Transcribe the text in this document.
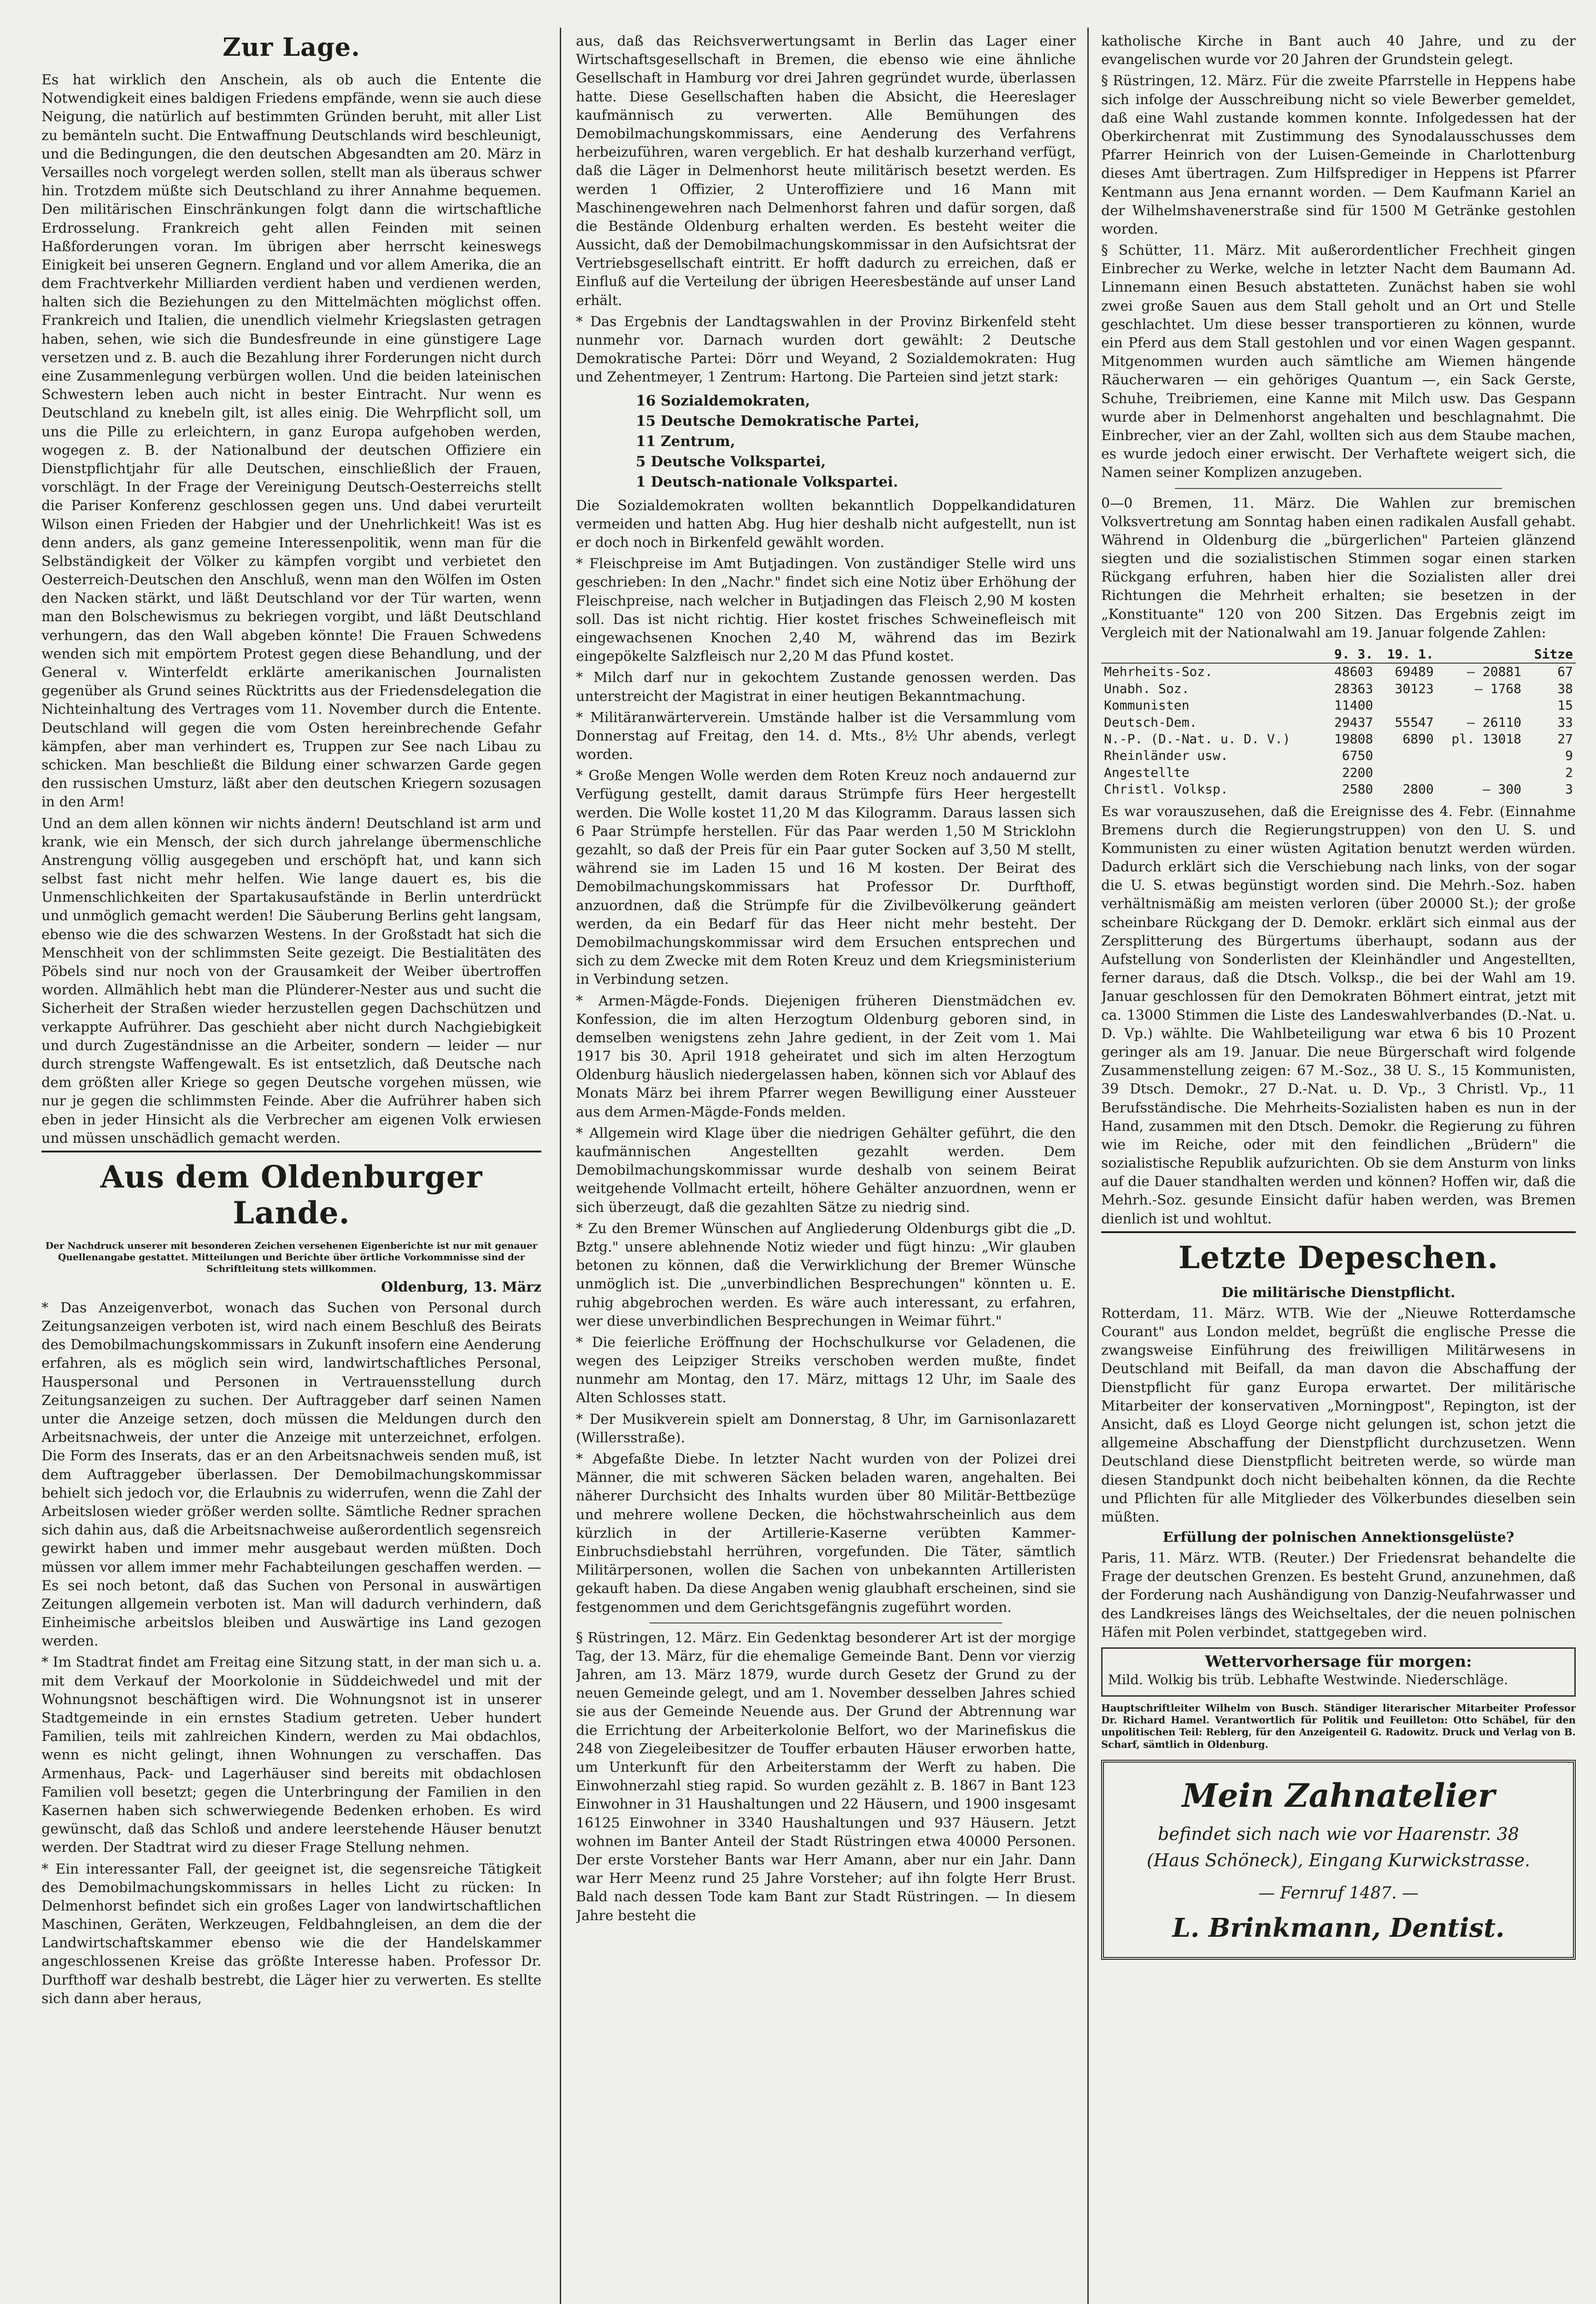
Zur Lage.

Es hat wirklich den Anschein, als ob auch die Entente die Notwendigkeit eines baldigen Friedens empfände, wenn sie auch diese Neigung, die natürlich auf bestimmten Gründen beruht, mit aller List zu bemänteln sucht. Die Entwaffnung Deutschlands wird beschleunigt, und die Bedingungen, die den deutschen Abgesandten am 20. März in Versailles noch vorgelegt werden sollen, stellt man als überaus schwer hin. Trotzdem müßte sich Deutschland zu ihrer Annahme bequemen. Den militärischen Einschränkungen folgt dann die wirtschaftliche Erdrosselung. Frankreich geht allen Feinden mit seinen Haßforderungen voran. Im übrigen aber herrscht keineswegs Einigkeit bei unseren Gegnern. England und vor allem Amerika, die an dem Frachtverkehr Milliarden verdient haben und verdienen werden, halten sich die Beziehungen zu den Mittelmächten möglichst offen. Frankreich und Italien, die unendlich vielmehr Kriegslasten getragen haben, sehen, wie sich die Bundesfreunde in eine günstigere Lage versetzen und z. B. auch die Bezahlung ihrer Forderungen nicht durch eine Zusammenlegung verbürgen wollen. Und die beiden lateinischen Schwestern leben auch nicht in bester Eintracht. Nur wenn es Deutschland zu knebeln gilt, ist alles einig. Die Wehrpflicht soll, um uns die Pille zu erleichtern, in ganz Europa aufgehoben werden, wogegen z. B. der Nationalbund der deutschen Offiziere ein Dienstpflichtjahr für alle Deutschen, einschließlich der Frauen, vorschlägt. In der Frage der Vereinigung Deutsch-Oesterreichs stellt die Pariser Konferenz geschlossen gegen uns. Und dabei verurteilt Wilson einen Frieden der Habgier und der Unehrlichkeit! Was ist es denn anders, als ganz gemeine Interessenpolitik, wenn man für die Selbständigkeit der Völker zu kämpfen vorgibt und verbietet den Oesterreich-Deutschen den Anschluß, wenn man den Wölfen im Osten den Nacken stärkt, und läßt Deutschland vor der Tür warten, wenn man den Bolschewismus zu bekriegen vorgibt, und läßt Deutschland verhungern, das den Wall abgeben könnte! Die Frauen Schwedens wenden sich mit empörtem Protest gegen diese Behandlung, und der General v. Winterfeldt erklärte amerikanischen Journalisten gegenüber als Grund seines Rücktritts aus der Friedensdelegation die Nichteinhaltung des Vertrages vom 11. November durch die Entente. Deutschland will gegen die vom Osten hereinbrechende Gefahr kämpfen, aber man verhindert es, Truppen zur See nach Libau zu schicken. Man beschließt die Bildung einer schwarzen Garde gegen den russischen Umsturz, läßt aber den deutschen Kriegern sozusagen in den Arm!

Und an dem allen können wir nichts ändern! Deutschland ist arm und krank, wie ein Mensch, der sich durch jahrelange übermenschliche Anstrengung völlig ausgegeben und erschöpft hat, und kann sich selbst fast nicht mehr helfen. Wie lange dauert es, bis die Unmenschlichkeiten der Spartakusaufstände in Berlin unterdrückt und unmöglich gemacht werden! Die Säuberung Berlins geht langsam, ebenso wie die des schwarzen Westens. In der Großstadt hat sich die Menschheit von der schlimmsten Seite gezeigt. Die Bestialitäten des Pöbels sind nur noch von der Grausamkeit der Weiber übertroffen worden. Allmählich hebt man die Plünderer-Nester aus und sucht die Sicherheit der Straßen wieder herzustellen gegen Dachschützen und verkappte Aufrührer. Das geschieht aber nicht durch Nachgiebigkeit und durch Zugeständnisse an die Arbeiter, sondern — leider — nur durch strengste Waffengewalt. Es ist entsetzlich, daß Deutsche nach dem größten aller Kriege so gegen Deutsche vorgehen müssen, wie nur je gegen die schlimmsten Feinde. Aber die Aufrührer haben sich eben in jeder Hinsicht als die Verbrecher am eigenen Volk erwiesen und müssen unschädlich gemacht werden.

Aus dem Oldenburger Lande.
Der Nachdruck unserer mit besonderen Zeichen versehenen Eigenberichte ist nur mit genauer Quellenangabe gestattet. Mitteilungen und Berichte über örtliche Vorkommnisse sind der Schriftleitung stets willkommen.
Oldenburg, 13. März

* Das Anzeigenverbot, wonach das Suchen von Personal durch Zeitungsanzeigen verboten ist, wird nach einem Beschluß des Beirats des Demobilmachungskommissars in Zukunft insofern eine Aenderung erfahren, als es möglich sein wird, landwirtschaftliches Personal, Hauspersonal und Personen in Vertrauensstellung durch Zeitungsanzeigen zu suchen. Der Auftraggeber darf seinen Namen unter die Anzeige setzen, doch müssen die Meldungen durch den Arbeitsnachweis, der unter die Anzeige mit unterzeichnet, erfolgen. Die Form des Inserats, das er an den Arbeitsnachweis senden muß, ist dem Auftraggeber überlassen. Der Demobilmachungskommissar behielt sich jedoch vor, die Erlaubnis zu widerrufen, wenn die Zahl der Arbeitslosen wieder größer werden sollte. Sämtliche Redner sprachen sich dahin aus, daß die Arbeitsnachweise außerordentlich segensreich gewirkt haben und immer mehr ausgebaut werden müßten. Doch müssen vor allem immer mehr Fachabteilungen geschaffen werden. — Es sei noch betont, daß das Suchen von Personal in auswärtigen Zeitungen allgemein verboten ist. Man will dadurch verhindern, daß Einheimische arbeitslos bleiben und Auswärtige ins Land gezogen werden.

* Im Stadtrat findet am Freitag eine Sitzung statt, in der man sich u. a. mit dem Verkauf der Moorkolonie in Süddeichwedel und mit der Wohnungsnot beschäftigen wird. Die Wohnungsnot ist in unserer Stadtgemeinde in ein ernstes Stadium getreten. Ueber hundert Familien, teils mit zahlreichen Kindern, werden zu Mai obdachlos, wenn es nicht gelingt, ihnen Wohnungen zu verschaffen. Das Armenhaus, Pack- und Lagerhäuser sind bereits mit obdachlosen Familien voll besetzt; gegen die Unterbringung der Familien in den Kasernen haben sich schwerwiegende Bedenken erhoben. Es wird gewünscht, daß das Schloß und andere leerstehende Häuser benutzt werden. Der Stadtrat wird zu dieser Frage Stellung nehmen.

* Ein interessanter Fall, der geeignet ist, die segensreiche Tätigkeit des Demobilmachungskommissars in helles Licht zu rücken: In Delmenhorst befindet sich ein großes Lager von landwirtschaftlichen Maschinen, Geräten, Werkzeugen, Feldbahngleisen, an dem die der Landwirtschaftskammer ebenso wie die der Handelskammer angeschlossenen Kreise das größte Interesse haben. Professor Dr. Durfthoff war deshalb bestrebt, die Läger hier zu verwerten. Es stellte sich dann aber heraus,

aus, daß das Reichsverwertungsamt in Berlin das Lager einer Wirtschaftsgesellschaft in Bremen, die ebenso wie eine ähnliche Gesellschaft in Hamburg vor drei Jahren gegründet wurde, überlassen hatte. Diese Gesellschaften haben die Absicht, die Heereslager kaufmännisch zu verwerten. Alle Bemühungen des Demobilmachungskommissars, eine Aenderung des Verfahrens herbeizuführen, waren vergeblich. Er hat deshalb kurzerhand verfügt, daß die Läger in Delmenhorst heute militärisch besetzt werden. Es werden 1 Offizier, 2 Unteroffiziere und 16 Mann mit Maschinengewehren nach Delmenhorst fahren und dafür sorgen, daß die Bestände Oldenburg erhalten werden. Es besteht weiter die Aussicht, daß der Demobilmachungskommissar in den Aufsichtsrat der Vertriebsgesellschaft eintritt. Er hofft dadurch zu erreichen, daß er Einfluß auf die Verteilung der übrigen Heeresbestände auf unser Land erhält.

* Das Ergebnis der Landtagswahlen in der Provinz Birkenfeld steht nunmehr vor. Darnach wurden dort gewählt: 2 Deutsche Demokratische Partei: Dörr und Weyand, 2 Sozialdemokraten: Hug und Zehentmeyer, 1 Zentrum: Hartong. Die Parteien sind jetzt stark:

16 Sozialdemokraten,
15 Deutsche Demokratische Partei,
11 Zentrum,
5 Deutsche Volkspartei,
1 Deutsch-nationale Volkspartei.

Die Sozialdemokraten wollten bekanntlich Doppelkandidaturen vermeiden und hatten Abg. Hug hier deshalb nicht aufgestellt, nun ist er doch noch in Birkenfeld gewählt worden.

* Fleischpreise im Amt Butjadingen. Von zuständiger Stelle wird uns geschrieben: In den „Nachr." findet sich eine Notiz über Erhöhung der Fleischpreise, nach welcher in Butjadingen das Fleisch 2,90 M kosten soll. Das ist nicht richtig. Hier kostet frisches Schweinefleisch mit eingewachsenen Knochen 2,40 M, während das im Bezirk eingepökelte Salzfleisch nur 2,20 M das Pfund kostet.

* Milch darf nur in gekochtem Zustande genossen werden. Das unterstreicht der Magistrat in einer heutigen Bekanntmachung.

* Militäranwärterverein. Umstände halber ist die Versammlung vom Donnerstag auf Freitag, den 14. d. Mts., 8½ Uhr abends, verlegt worden.

* Große Mengen Wolle werden dem Roten Kreuz noch andauernd zur Verfügung gestellt, damit daraus Strümpfe fürs Heer hergestellt werden. Die Wolle kostet 11,20 M das Kilogramm. Daraus lassen sich 6 Paar Strümpfe herstellen. Für das Paar werden 1,50 M Stricklohn gezahlt, so daß der Preis für ein Paar guter Socken auf 3,50 M stellt, während sie im Laden 15 und 16 M kosten. Der Beirat des Demobilmachungskommissars hat Professor Dr. Durfthoff, anzuordnen, daß die Strümpfe für die Zivilbevölkerung geändert werden, da ein Bedarf für das Heer nicht mehr besteht. Der Demobilmachungskommissar wird dem Ersuchen entsprechen und sich zu dem Zwecke mit dem Roten Kreuz und dem Kriegsministerium in Verbindung setzen.

* Armen-Mägde-Fonds. Diejenigen früheren Dienstmädchen ev. Konfession, die im alten Herzogtum Oldenburg geboren sind, in demselben wenigstens zehn Jahre gedient, in der Zeit vom 1. Mai 1917 bis 30. April 1918 geheiratet und sich im alten Herzogtum Oldenburg häuslich niedergelassen haben, können sich vor Ablauf des Monats März bei ihrem Pfarrer wegen Bewilligung einer Aussteuer aus dem Armen-Mägde-Fonds melden.

* Allgemein wird Klage über die niedrigen Gehälter geführt, die den kaufmännischen Angestellten gezahlt werden. Dem Demobilmachungskommissar wurde deshalb von seinem Beirat weitgehende Vollmacht erteilt, höhere Gehälter anzuordnen, wenn er sich überzeugt, daß die gezahlten Sätze zu niedrig sind.

* Zu den Bremer Wünschen auf Angliederung Oldenburgs gibt die „D. Bztg." unsere ablehnende Notiz wieder und fügt hinzu: „Wir glauben betonen zu können, daß die Verwirklichung der Bremer Wünsche unmöglich ist. Die „unverbindlichen Besprechungen" könnten u. E. ruhig abgebrochen werden. Es wäre auch interessant, zu erfahren, wer diese unverbindlichen Besprechungen in Weimar führt."

* Die feierliche Eröffnung der Hochschulkurse vor Geladenen, die wegen des Leipziger Streiks verschoben werden mußte, findet nunmehr am Montag, den 17. März, mittags 12 Uhr, im Saale des Alten Schlosses statt.

* Der Musikverein spielt am Donnerstag, 8 Uhr, im Garnisonlazarett (Willersstraße).

* Abgefaßte Diebe. In letzter Nacht wurden von der Polizei drei Männer, die mit schweren Säcken beladen waren, angehalten. Bei näherer Durchsicht des Inhalts wurden über 80 Militär-Bettbezüge und mehrere wollene Decken, die höchstwahrscheinlich aus dem kürzlich in der Artillerie-Kaserne verübten Kammer-Einbruchsdiebstahl herrühren, vorgefunden. Die Täter, sämtlich Militärpersonen, wollen die Sachen von unbekannten Artilleristen gekauft haben. Da diese Angaben wenig glaubhaft erscheinen, sind sie festgenommen und dem Gerichtsgefängnis zugeführt worden.

§ Rüstringen, 12. März. Ein Gedenktag besonderer Art ist der morgige Tag, der 13. März, für die ehemalige Gemeinde Bant. Denn vor vierzig Jahren, am 13. März 1879, wurde durch Gesetz der Grund zu der neuen Gemeinde gelegt, und am 1. November desselben Jahres schied sie aus der Gemeinde Neuende aus. Der Grund der Abtrennung war die Errichtung der Arbeiterkolonie Belfort, wo der Marinefiskus die 248 von Ziegeleibesitzer de Touffer erbauten Häuser erworben hatte, um Unterkunft für den Arbeiterstamm der Werft zu haben. Die Einwohnerzahl stieg rapid. So wurden gezählt z. B. 1867 in Bant 123 Einwohner in 31 Haushaltungen und 22 Häusern, und 1900 insgesamt 16125 Einwohner in 3340 Haushaltungen und 937 Häusern. Jetzt wohnen im Banter Anteil der Stadt Rüstringen etwa 40000 Personen. Der erste Vorsteher Bants war Herr Amann, aber nur ein Jahr. Dann war Herr Meenz rund 25 Jahre Vorsteher; auf ihn folgte Herr Brust. Bald nach dessen Tode kam Bant zur Stadt Rüstringen. — In diesem Jahre besteht die

katholische Kirche in Bant auch 40 Jahre, und zu der evangelischen wurde vor 20 Jahren der Grundstein gelegt.

§ Rüstringen, 12. März. Für die zweite Pfarrstelle in Heppens habe sich infolge der Ausschreibung nicht so viele Bewerber gemeldet, daß eine Wahl zustande kommen konnte. Infolgedessen hat der Oberkirchenrat mit Zustimmung des Synodalausschusses dem Pfarrer Heinrich von der Luisen-Gemeinde in Charlottenburg dieses Amt übertragen. Zum Hilfsprediger in Heppens ist Pfarrer Kentmann aus Jena ernannt worden. — Dem Kaufmann Kariel an der Wilhelmshavenerstraße sind für 1500 M Getränke gestohlen worden.

§ Schütter, 11. März. Mit außerordentlicher Frechheit gingen Einbrecher zu Werke, welche in letzter Nacht dem Baumann Ad. Linnemann einen Besuch abstatteten. Zunächst haben sie wohl zwei große Sauen aus dem Stall geholt und an Ort und Stelle geschlachtet. Um diese besser transportieren zu können, wurde ein Pferd aus dem Stall gestohlen und vor einen Wagen gespannt. Mitgenommen wurden auch sämtliche am Wiemen hängende Räucherwaren — ein gehöriges Quantum —, ein Sack Gerste, Schuhe, Treibriemen, eine Kanne mit Milch usw. Das Gespann wurde aber in Delmenhorst angehalten und beschlagnahmt. Die Einbrecher, vier an der Zahl, wollten sich aus dem Staube machen, es wurde jedoch einer erwischt. Der Verhaftete weigert sich, die Namen seiner Komplizen anzugeben.

0—0 Bremen, 11. März. Die Wahlen zur bremischen Volksvertretung am Sonntag haben einen radikalen Ausfall gehabt. Während in Oldenburg die „bürgerlichen" Parteien glänzend siegten und die sozialistischen Stimmen sogar einen starken Rückgang erfuhren, haben hier die Sozialisten aller drei Richtungen die Mehrheit erhalten; sie besetzen in der „Konstituante" 120 von 200 Sitzen. Das Ergebnis zeigt im Vergleich mit der Nationalwahl am 19. Januar folgende Zahlen:

	9. 3.	19. 1.		Sitze
Mehrheits-Soz.	48603	69489	— 20881	67
Unabh. Soz.	28363	30123	— 1768	38
Kommunisten	11400			15
Deutsch-Dem.	29437	55547	— 26110	33
N.-P. (D.-Nat. u. D. V.)	19808	6890	pl. 13018	27
Rheinländer usw.	6750			9
Angestellte	2200			2
Christl. Volksp.	2580	2800	— 300	3

Es war vorauszusehen, daß die Ereignisse des 4. Febr. (Einnahme Bremens durch die Regierungstruppen) von den U. S. und Kommunisten zu einer wüsten Agitation benutzt werden würden. Dadurch erklärt sich die Verschiebung nach links, von der sogar die U. S. etwas begünstigt worden sind. Die Mehrh.-Soz. haben verhältnismäßig am meisten verloren (über 20000 St.); der große scheinbare Rückgang der D. Demokr. erklärt sich einmal aus der Zersplitterung des Bürgertums überhaupt, sodann aus der Aufstellung von Sonderlisten der Kleinhändler und Angestellten, ferner daraus, daß die Dtsch. Volksp., die bei der Wahl am 19. Januar geschlossen für den Demokraten Böhmert eintrat, jetzt mit ca. 13000 Stimmen die Liste des Landeswahlverbandes (D.-Nat. u. D. Vp.) wählte. Die Wahlbeteiligung war etwa 6 bis 10 Prozent geringer als am 19. Januar. Die neue Bürgerschaft wird folgende Zusammenstellung zeigen: 67 M.-Soz., 38 U. S., 15 Kommunisten, 39 Dtsch. Demokr., 27 D.-Nat. u. D. Vp., 3 Christl. Vp., 11 Berufsständische. Die Mehrheits-Sozialisten haben es nun in der Hand, zusammen mit den Dtsch. Demokr. die Regierung zu führen wie im Reiche, oder mit den feindlichen „Brüdern" die sozialistische Republik aufzurichten. Ob sie dem Ansturm von links auf die Dauer standhalten werden und können? Hoffen wir, daß die Mehrh.-Soz. gesunde Einsicht dafür haben werden, was Bremen dienlich ist und wohltut.

Letzte Depeschen.
Die militärische Dienstpflicht.

Rotterdam, 11. März. WTB. Wie der „Nieuwe Rotterdamsche Courant" aus London meldet, begrüßt die englische Presse die zwangsweise Einführung des freiwilligen Militärwesens in Deutschland mit Beifall, da man davon die Abschaffung der Dienstpflicht für ganz Europa erwartet. Der militärische Mitarbeiter der konservativen „Morningpost", Repington, ist der Ansicht, daß es Lloyd George nicht gelungen ist, schon jetzt die allgemeine Abschaffung der Dienstpflicht durchzusetzen. Wenn Deutschland diese Dienstpflicht beitreten werde, so würde man diesen Standpunkt doch nicht beibehalten können, da die Rechte und Pflichten für alle Mitglieder des Völkerbundes dieselben sein müßten.

Erfüllung der polnischen Annektionsgelüste?

Paris, 11. März. WTB. (Reuter.) Der Friedensrat behandelte die Frage der deutschen Grenzen. Es besteht Grund, anzunehmen, daß der Forderung nach Aushändigung von Danzig-Neufahrwasser und des Landkreises längs des Weichseltales, der die neuen polnischen Häfen mit Polen verbindet, stattgegeben wird.

Wettervorhersage für morgen:

Mild. Wolkig bis trüb. Lebhafte Westwinde. Niederschläge.

Hauptschriftleiter Wilhelm von Busch. Ständiger literarischer Mitarbeiter Professor Dr. Richard Hamel. Verantwortlich für Politik und Feuilleton: Otto Schäbel, für den unpolitischen Teil: Reblerg, für den Anzeigenteil G. Radowitz. Druck und Verlag von B. Scharf, sämtlich in Oldenburg.
Mein Zahnatelier
befindet sich nach wie vor Haarenstr. 38
(Haus Schöneck), Eingang Kurwickstrasse.
— Fernruf 1487. —
L. Brinkmann, Dentist.
